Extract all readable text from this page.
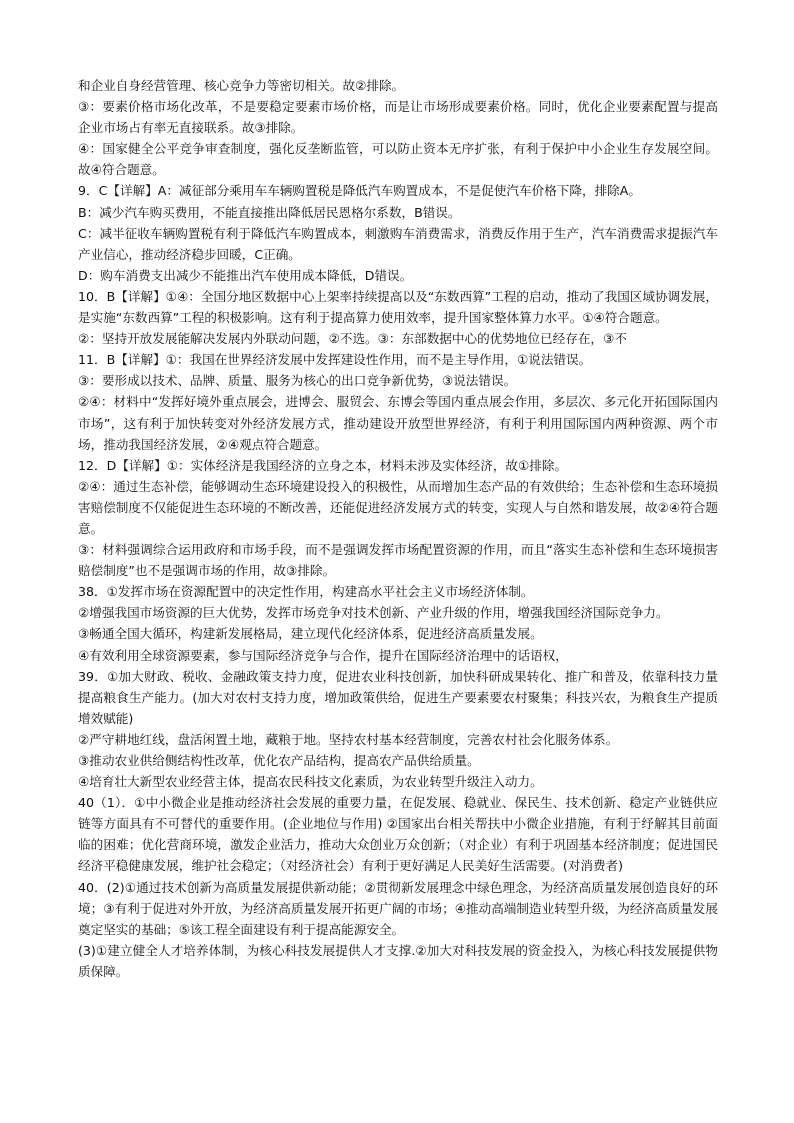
和企业自身经营管理、核心竞争力等密切相关。故②排除。

③：要素价格市场化改革，不是要稳定要素市场价格，而是让市场形成要素价格。同时，优化企业要素配置与提高企业市场占有率无直接联系。故③排除。

④：国家健全公平竞争审查制度，强化反垄断监管，可以防止资本无序扩张，有利于保护中小企业生存发展空间。故④符合题意。

9．C【详解】A：减征部分乘用车车辆购置税是降低汽车购置成本，不是促使汽车价格下降，排除A。

B：减少汽车购买费用，不能直接推出降低居民恩格尔系数，B错误。

C：减半征收车辆购置税有利于降低汽车购置成本，刺激购车消费需求，消费反作用于生产，汽车消费需求提振汽车产业信心，推动经济稳步回暖，C正确。

D：购车消费支出减少不能推出汽车使用成本降低，D错误。

10．B【详解】①④：全国分地区数据中心上架率持续提高以及“东数西算”工程的启动，推动了我国区域协调发展，是实施“东数西算”工程的积极影响。这有利于提高算力使用效率，提升国家整体算力水平。①④符合题意。

②：坚持开放发展能解决发展内外联动问题，②不选。③：东部数据中心的优势地位已经存在，③不

11．B【详解】①：我国在世界经济发展中发挥建设性作用，而不是主导作用，①说法错误。

③：要形成以技术、品牌、质量、服务为核心的出口竞争新优势，③说法错误。

②④：材料中“发挥好境外重点展会，进博会、服贸会、东博会等国内重点展会作用，多层次、多元化开拓国际国内市场”，这有利于加快转变对外经济发展方式，推动建设开放型世界经济，有利于利用国际国内两种资源、两个市场，推动我国经济发展，②④观点符合题意。

12．D【详解】①：实体经济是我国经济的立身之本，材料未涉及实体经济，故①排除。

②④：通过生态补偿，能够调动生态环境建设投入的积极性，从而增加生态产品的有效供给；生态补偿和生态环境损害赔偿制度不仅能促进生态环境的不断改善，还能促进经济发展方式的转变，实现人与自然和谐发展，故②④符合题意。

③：材料强调综合运用政府和市场手段，而不是强调发挥市场配置资源的作用，而且“落实生态补偿和生态环境损害赔偿制度”也不是强调市场的作用，故③排除。

38．①发挥市场在资源配置中的决定性作用，构建高水平社会主义市场经济体制。

②增强我国市场资源的巨大优势，发挥市场竞争对技术创新、产业升级的作用，增强我国经济国际竞争力。

③畅通全国大循环，构建新发展格局，建立现代化经济体系，促进经济高质量发展。

④有效利用全球资源要素，参与国际经济竞争与合作，提升在国际经济治理中的话语权，

39．①加大财政、税收、金融政策支持力度，促进农业科技创新，加快科研成果转化、推广和普及，依靠科技力量提高粮食生产能力。(加大对农村支持力度，增加政策供给，促进生产要素要农村聚集；科技兴农，为粮食生产提质增效赋能)

②严守耕地红线，盘活闲置土地，藏粮于地。坚持农村基本经营制度，完善农村社会化服务体系。

③推动农业供给侧结构性改革，优化农产品结构，提高农产品供给质量。

④培育壮大新型农业经营主体，提高农民科技文化素质，为农业转型升级注入动力。

40（1）．①中小微企业是推动经济社会发展的重要力量，在促发展、稳就业、保民生、技术创新、稳定产业链供应链等方面具有不可替代的重要作用。(企业地位与作用) ②国家出台相关帮扶中小微企业措施，有利于纾解其目前面临的困难；优化营商环境，激发企业活力，推动大众创业万众创新；（对企业）有利于巩固基本经济制度；促进国民经济平稳健康发展，维护社会稳定；（对经济社会）有利于更好满足人民美好生活需要。(对消费者)

40．(2)①通过技术创新为高质量发展提供新动能；②贯彻新发展理念中绿色理念，为经济高质量发展创造良好的环境；③有利于促进对外开放，为经济高质量发展开拓更广阔的市场；④推动高端制造业转型升级，为经济高质量发展奠定坚实的基础；⑤该工程全面建设有利于提高能源安全。

(3)①建立健全人才培养体制，为核心科技发展提供人才支撑.②加大对科技发展的资金投入，为核心科技发展提供物质保障。
